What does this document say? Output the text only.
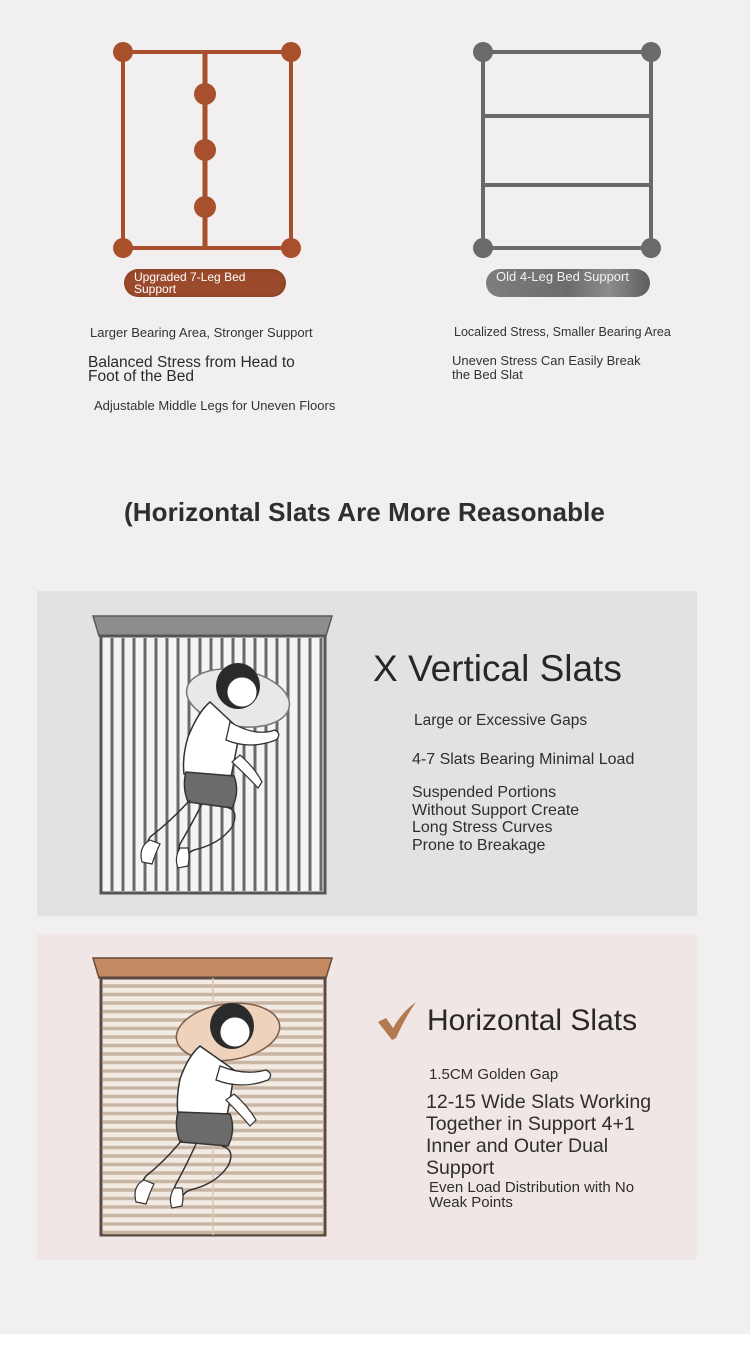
Upgraded 7-Leg Bed Support
Old 4-Leg Bed Support
Larger Bearing Area, Stronger Support
Balanced Stress from Head to Foot of the Bed
Adjustable Middle Legs for Uneven Floors
Localized Stress, Smaller Bearing Area
Uneven Stress Can Easily Break the Bed Slat
(Horizontal Slats Are More Reasonable
X Vertical Slats
Large or Excessive Gaps
4-7 Slats Bearing Minimal Load
Suspended Portions Without Support Create Long Stress Curves Prone to Breakage
Horizontal Slats
1.5CM Golden Gap
12-15 Wide Slats Working Together in Support 4+1 Inner and Outer Dual Support
Even Load Distribution with No Weak Points
